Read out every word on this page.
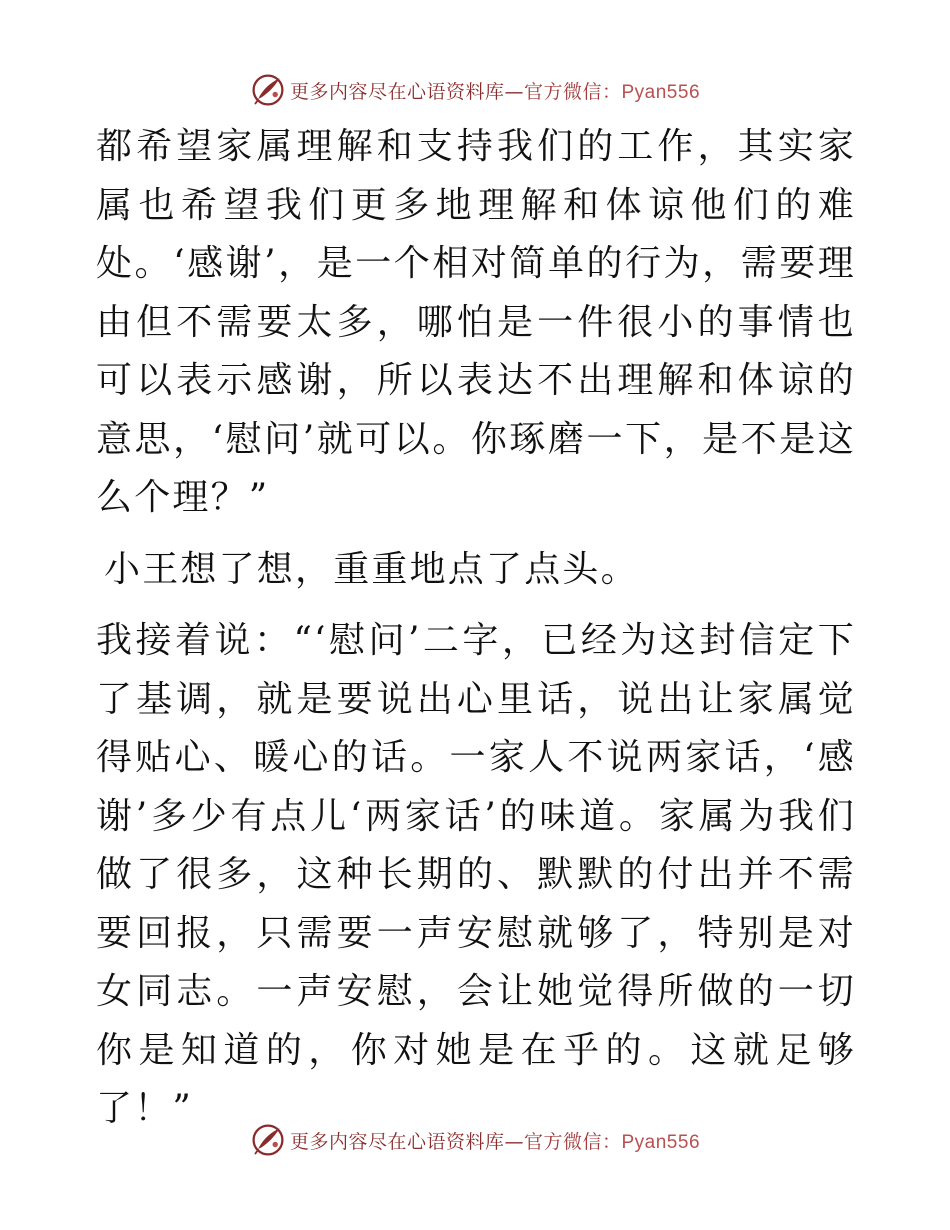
更多内容尽在心语资料库—官方微信：Pyan556

都希望家属理解和支持我们的工作，其实家属也希望我们更多地理解和体谅他们的难处。‘感谢’，是一个相对简单的行为，需要理由但不需要太多，哪怕是一件很小的事情也可以表示感谢，所以表达不出理解和体谅的意思，‘慰问’就可以。你琢磨一下，是不是这么个理？”

小王想了想，重重地点了点头。

我接着说：“‘慰问’二字，已经为这封信定下了基调，就是要说出心里话，说出让家属觉得贴心、暖心的话。一家人不说两家话，‘感谢’多少有点儿‘两家话’的味道。家属为我们做了很多，这种长期的、默默的付出并不需要回报，只需要一声安慰就够了，特别是对女同志。一声安慰，会让她觉得所做的一切你是知道的，你对她是在乎的。这就足够了！”

更多内容尽在心语资料库—官方微信：Pyan556
